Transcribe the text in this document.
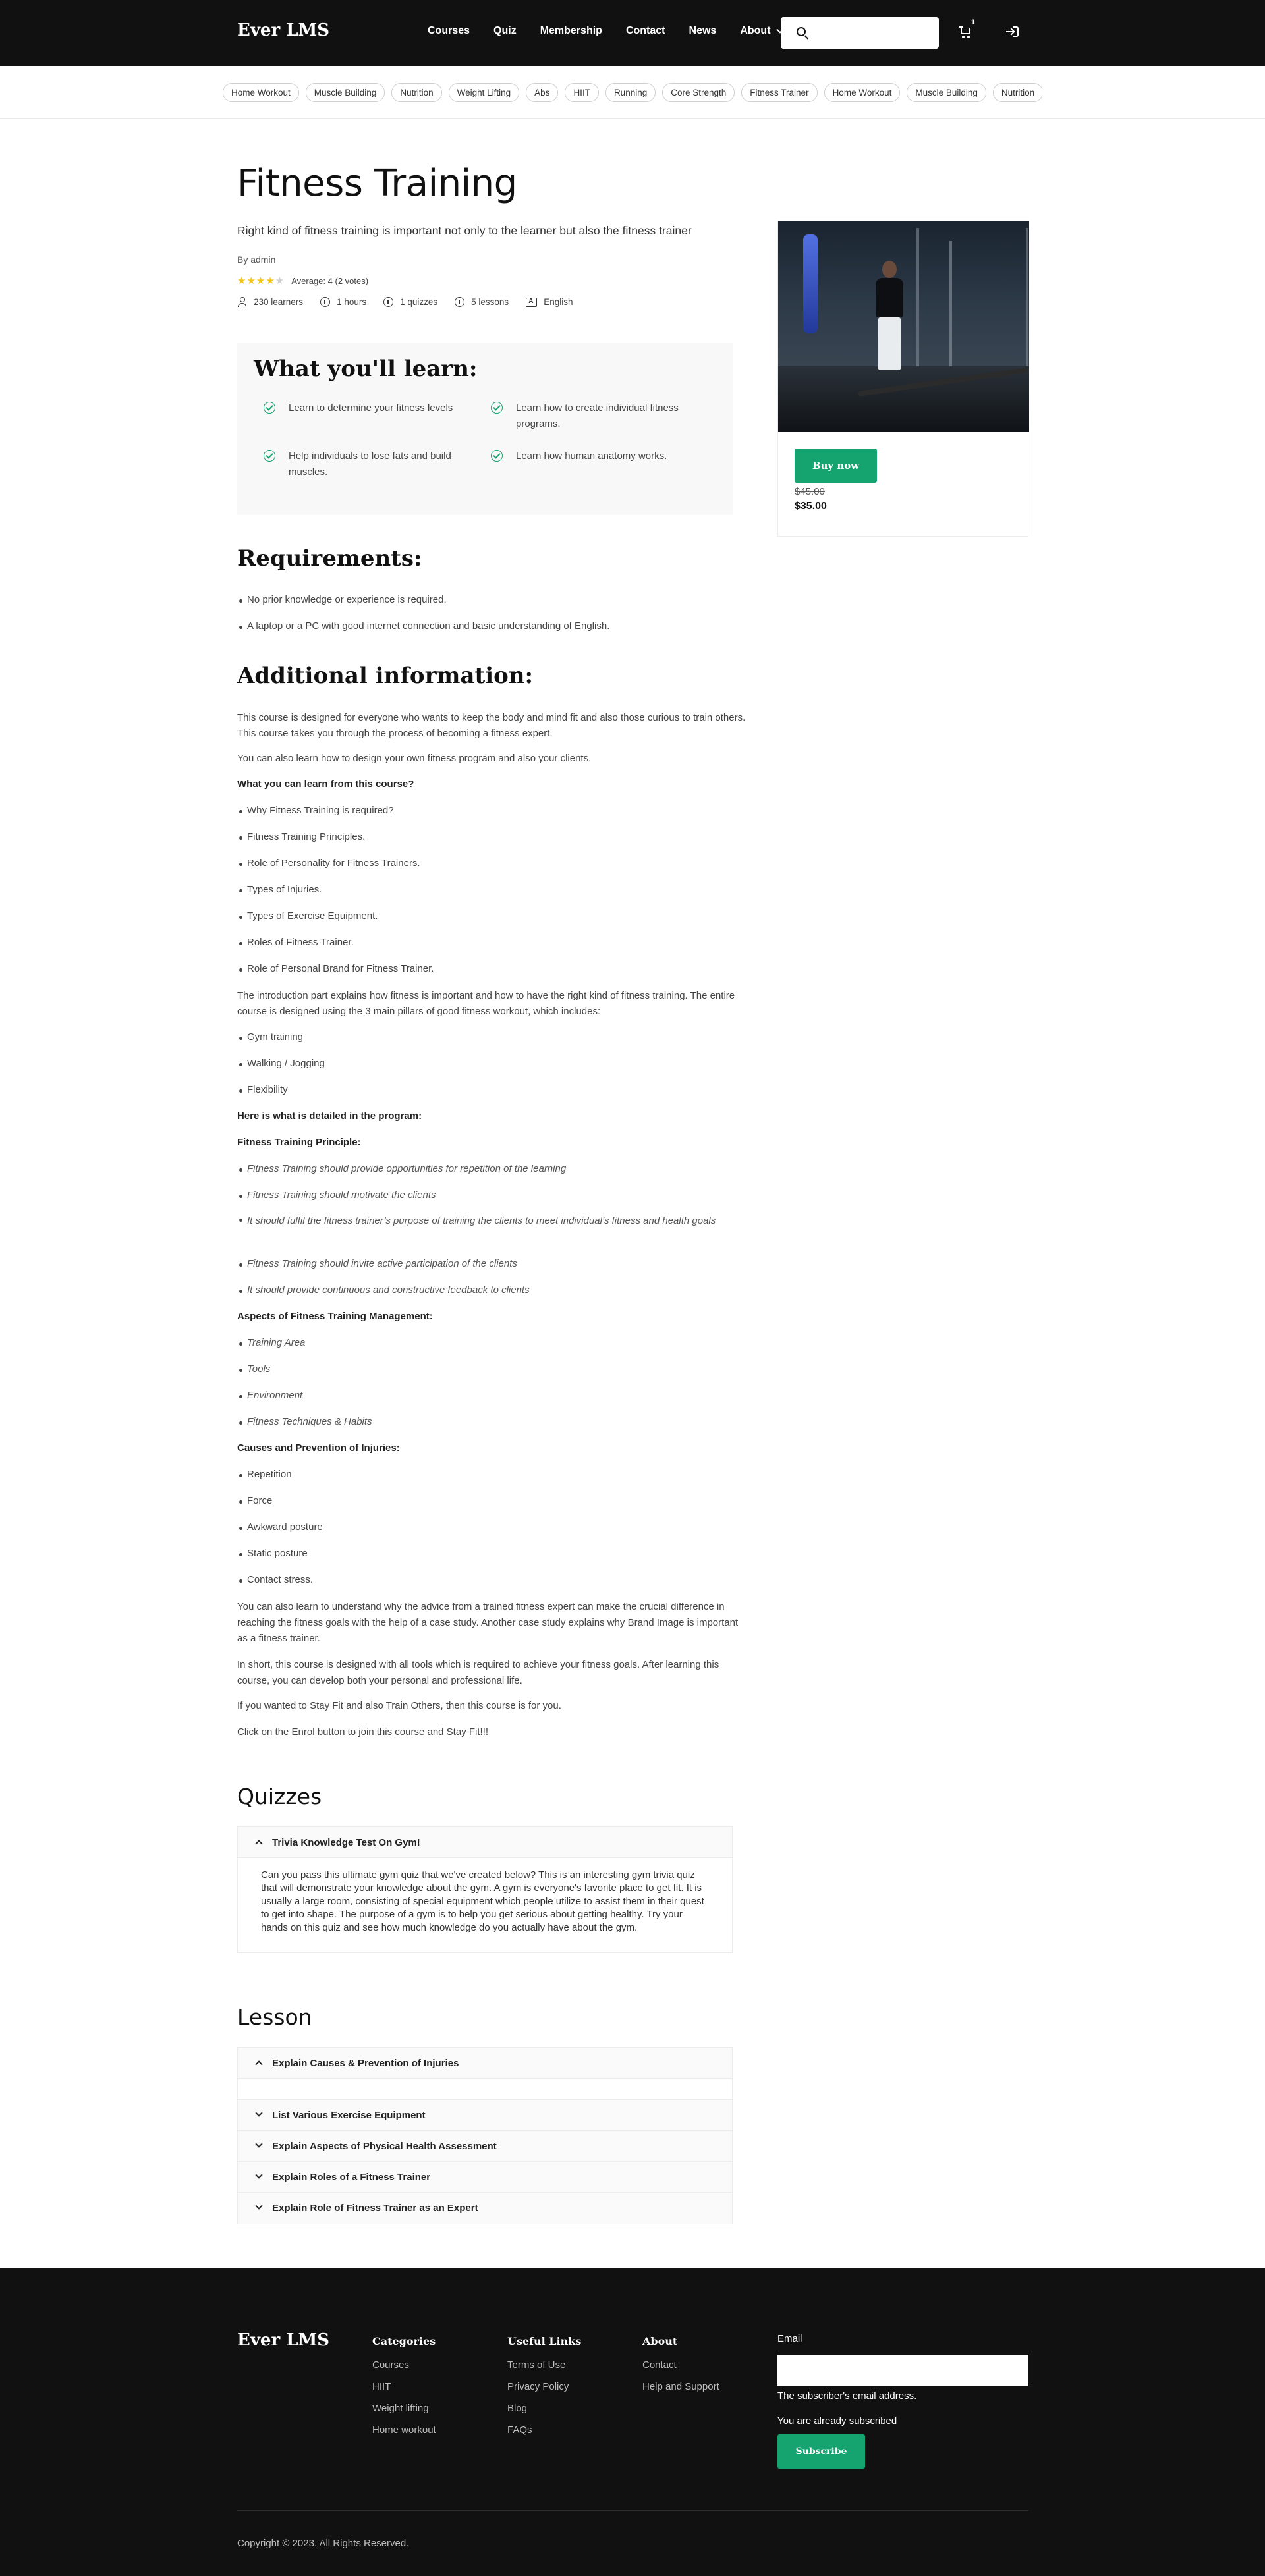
Ever LMS	Courses Quiz Membership Contact News About
1
Home Workout	Muscle Building	Nutrition	Weight Lifting	Abs	HIIT	Running	Core Strength	Fitness Trainer	Home Workout	Muscle Building	Nutrition
Fitness Training

Right kind of fitness training is important not only to the learner but also the fitness trainer

By admin

★★★★★ Average: 4 (2 votes)
230 learners	1 hours	1 quizzes	5 lessons
A	English
What you'll learn:
Learn to determine your fitness levels	Learn how to create individual fitness programs.
Help individuals to lose fats and build muscles.
Learn how human anatomy works.
Buy now
$45.00
$35.00
Requirements:
No prior knowledge or experience is required.
A laptop or a PC with good internet connection and basic understanding of English.
Additional information:

This course is designed for everyone who wants to keep the body and mind fit and also those curious to train others. This course takes you through the process of becoming a fitness expert.

You can also learn how to design your own fitness program and also your clients.

What you can learn from this course?

Why Fitness Training is required?
Fitness Training Principles.
Role of Personality for Fitness Trainers.
Types of Injuries.
Types of Exercise Equipment.
Roles of Fitness Trainer.
Role of Personal Brand for Fitness Trainer.

The introduction part explains how fitness is important and how to have the right kind of fitness training. The entire course is designed using the 3 main pillars of good fitness workout, which includes:

Gym training
Walking / Jogging
Flexibility

Here is what is detailed in the program:

Fitness Training Principle:

Fitness Training should provide opportunities for repetition of the learning
Fitness Training should motivate the clients
It should fulfil the fitness trainer’s purpose of training the clients to meet individual’s fitness and health goals
Fitness Training should invite active participation of the clients
It should provide continuous and constructive feedback to clients

Aspects of Fitness Training Management:

Training Area
Tools
Environment
Fitness Techniques & Habits

Causes and Prevention of Injuries:

Repetition
Force
Awkward posture
Static posture
Contact stress.

You can also learn to understand why the advice from a trained fitness expert can make the crucial difference in reaching the fitness goals with the help of a case study. Another case study explains why Brand Image is important as a fitness trainer.

In short, this course is designed with all tools which is required to achieve your fitness goals. After learning this course, you can develop both your personal and professional life.

If you wanted to Stay Fit and also Train Others, then this course is for you.

Click on the Enrol button to join this course and Stay Fit!!!

Quizzes
Trivia Knowledge Test On Gym!
Can you pass this ultimate gym quiz that we've created below? This is an interesting gym trivia quiz that will demonstrate your knowledge about the gym. A gym is everyone's favorite place to get fit. It is usually a large room, consisting of special equipment which people utilize to assist them in their quest to get into shape. The purpose of a gym is to help you get serious about getting healthy. Try your hands on this quiz and see how much knowledge do you actually have about the gym.
Lesson
Explain Causes & Prevention of Injuries
List Various Exercise Equipment
Explain Aspects of Physical Health Assessment
Explain Roles of a Fitness Trainer
Explain Role of Fitness Trainer as an Expert
Ever LMS	Categories
Courses
HIIT
Weight lifting
Home workout
Useful Links
Terms of Use
Privacy Policy
Blog
FAQs
About
Contact
Help and Support
Email
The subscriber's email address.
You are already subscribed
Subscribe
Copyright © 2023. All Rights Reserved.
